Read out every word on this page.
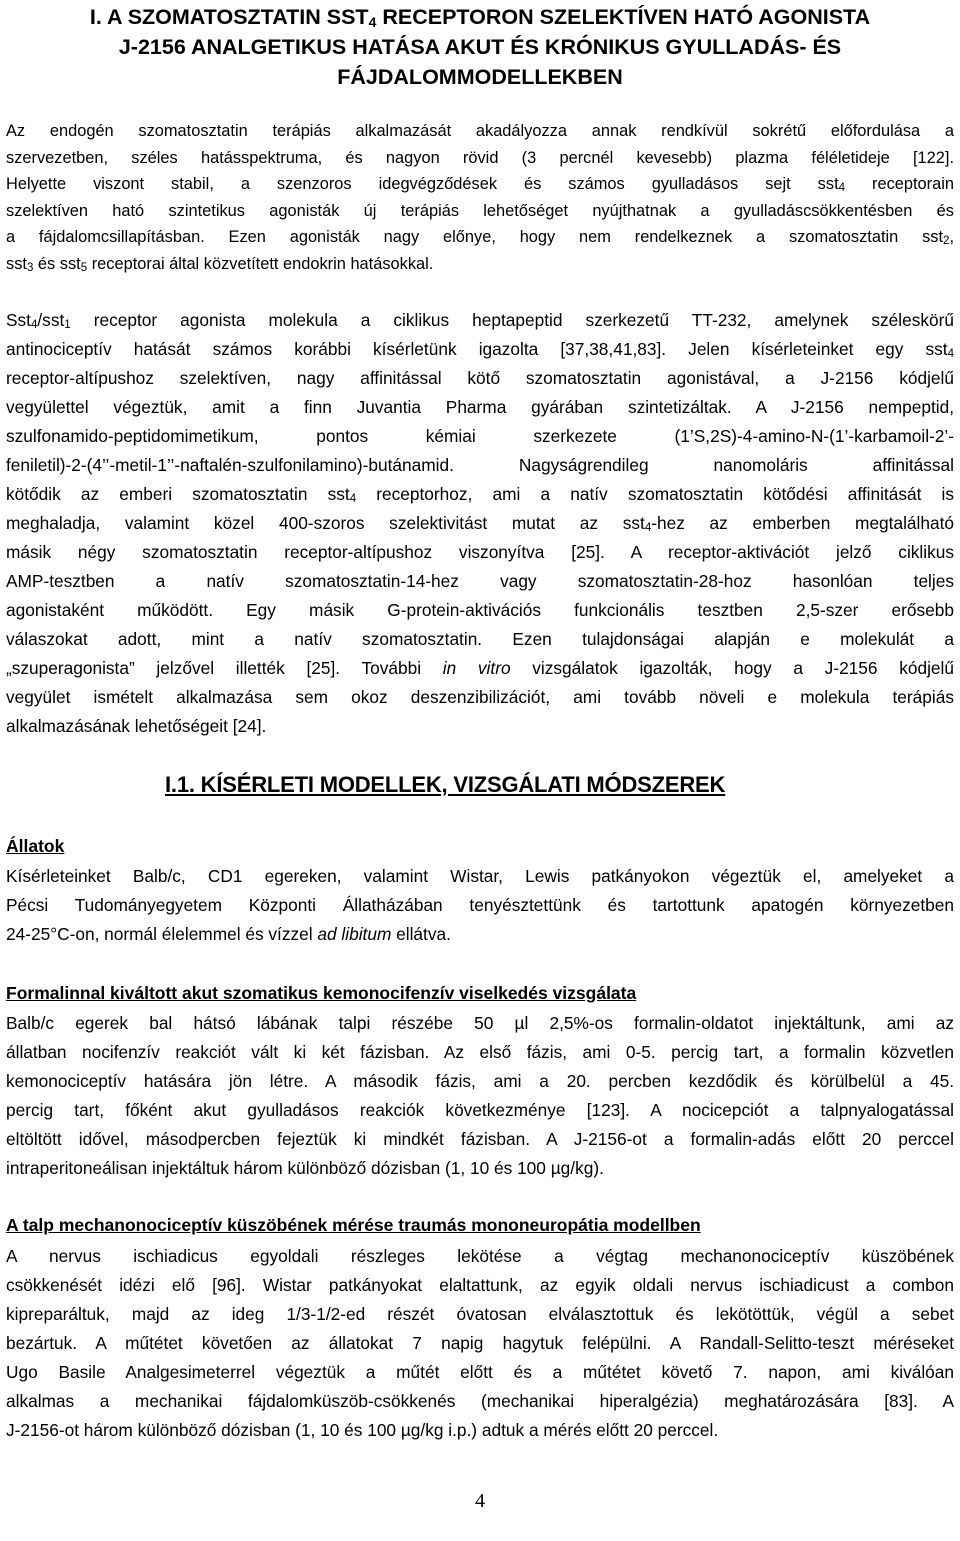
I. A SZOMATOSZTATIN $SST_4$ RECEPTORON SZELEKTÍVEN HATÓ AGONISTA
J-2156 ANALGETIKUS HATÁSA AKUT ÉS KRÓNIKUS GYULLADÁS- ÉS
FÁJDALOMMODELLEKBEN

Az endogén szomatosztatin terápiás alkalmazását akadályozza annak rendkívül sokrétű előfordulása a
szervezetben, széles hatásspektruma, és nagyon rövid (3 percnél kevesebb) plazma féléletideje [122].
Helyette viszont stabil, a szenzoros idegvégződések és számos gyulladásos sejt sst$_4$ receptorain
szelektíven ható szintetikus agonisták új terápiás lehetőséget nyújthatnak a gyulladáscsökkentésben és
a fájdalomcsillapításban. Ezen agonisták nagy előnye, hogy nem rendelkeznek a szomatosztatin sst$_2$,
sst$_3$ és sst$_5$ receptorai által közvetített endokrin hatásokkal.

Sst$_4$/sst$_1$ receptor agonista molekula a ciklikus heptapeptid szerkezetű TT-232, amelynek széleskörű
antinociceptív hatását számos korábbi kísérletünk igazolta [37,38,41,83]. Jelen kísérleteinket egy sst$_4$
receptor-altípushoz szelektíven, nagy affinitással kötő szomatosztatin agonistával, a J-2156 kódjelű
vegyülettel végeztük, amit a finn Juvantia Pharma gyárában szintetizáltak. A J-2156 nempeptid,
szulfonamido-peptidomimetikum, pontos kémiai szerkezete (1’S,2S)-4-amino-N-(1’-karbamoil-2’-
feniletil)-2-(4’’-metil-1’’-naftalén-szulfonilamino)-butánamid. Nagyságrendileg nanomoláris affinitással
kötődik az emberi szomatosztatin sst$_4$ receptorhoz, ami a natív szomatosztatin kötődési affinitását is
meghaladja, valamint közel 400-szoros szelektivitást mutat az sst$_4$-hez az emberben megtalálható
másik négy szomatosztatin receptor-altípushoz viszonyítva [25]. A receptor-aktivációt jelző ciklikus
AMP-tesztben a natív szomatosztatin-14-hez vagy szomatosztatin-28-hoz hasonlóan teljes
agonistaként működött. Egy másik G-protein-aktivációs funkcionális tesztben 2,5-szer erősebb
válaszokat adott, mint a natív szomatosztatin. Ezen tulajdonságai alapján e molekulát a
„szuperagonista” jelzővel illették [25]. További in vitro vizsgálatok igazolták, hogy a J-2156 kódjelű
vegyület ismételt alkalmazása sem okoz deszenzibilizációt, ami tovább növeli e molekula terápiás
alkalmazásának lehetőségeit [24].

I.1. KÍSÉRLETI MODELLEK, VIZSGÁLATI MÓDSZEREK
Állatok

Kísérleteinket Balb/c, CD1 egereken, valamint Wistar, Lewis patkányokon végeztük el, amelyeket a
Pécsi Tudományegyetem Központi Állatházában tenyésztettünk és tartottunk apatogén környezetben
24-25°C-on, normál élelemmel és vízzel ad libitum ellátva.

Formalinnal kiváltott akut szomatikus kemonocifenzív viselkedés vizsgálata

Balb/c egerek bal hátsó lábának talpi részébe 50 µl 2,5%-os formalin-oldatot injektáltunk, ami az
állatban nocifenzív reakciót vált ki két fázisban. Az első fázis, ami 0-5. percig tart, a formalin közvetlen
kemonociceptív hatására jön létre. A második fázis, ami a 20. percben kezdődik és körülbelül a 45.
percig tart, főként akut gyulladásos reakciók következménye [123]. A nocicepciót a talpnyalogatással
eltöltött idővel, másodpercben fejeztük ki mindkét fázisban. A J-2156-ot a formalin-adás előtt 20 perccel
intraperitoneálisan injektáltuk három különböző dózisban (1, 10 és 100 µg/kg).

A talp mechanonociceptív küszöbének mérése traumás mononeuropátia modellben

A nervus ischiadicus egyoldali részleges lekötése a végtag mechanonociceptív küszöbének
csökkenését idézi elő [96]. Wistar patkányokat elaltattunk, az egyik oldali nervus ischiadicust a combon
kipreparáltuk, majd az ideg 1/3-1/2-ed részét óvatosan elválasztottuk és lekötöttük, végül a sebet
bezártuk. A műtétet követően az állatokat 7 napig hagytuk felépülni. A Randall-Selitto-teszt méréseket
Ugo Basile Analgesimeterrel végeztük a műtét előtt és a műtétet követő 7. napon, ami kiválóan
alkalmas a mechanikai fájdalomküszöb-csökkenés (mechanikai hiperalgézia) meghatározására [83]. A
J-2156-ot három különböző dózisban (1, 10 és 100 µg/kg i.p.) adtuk a mérés előtt 20 perccel.

4
